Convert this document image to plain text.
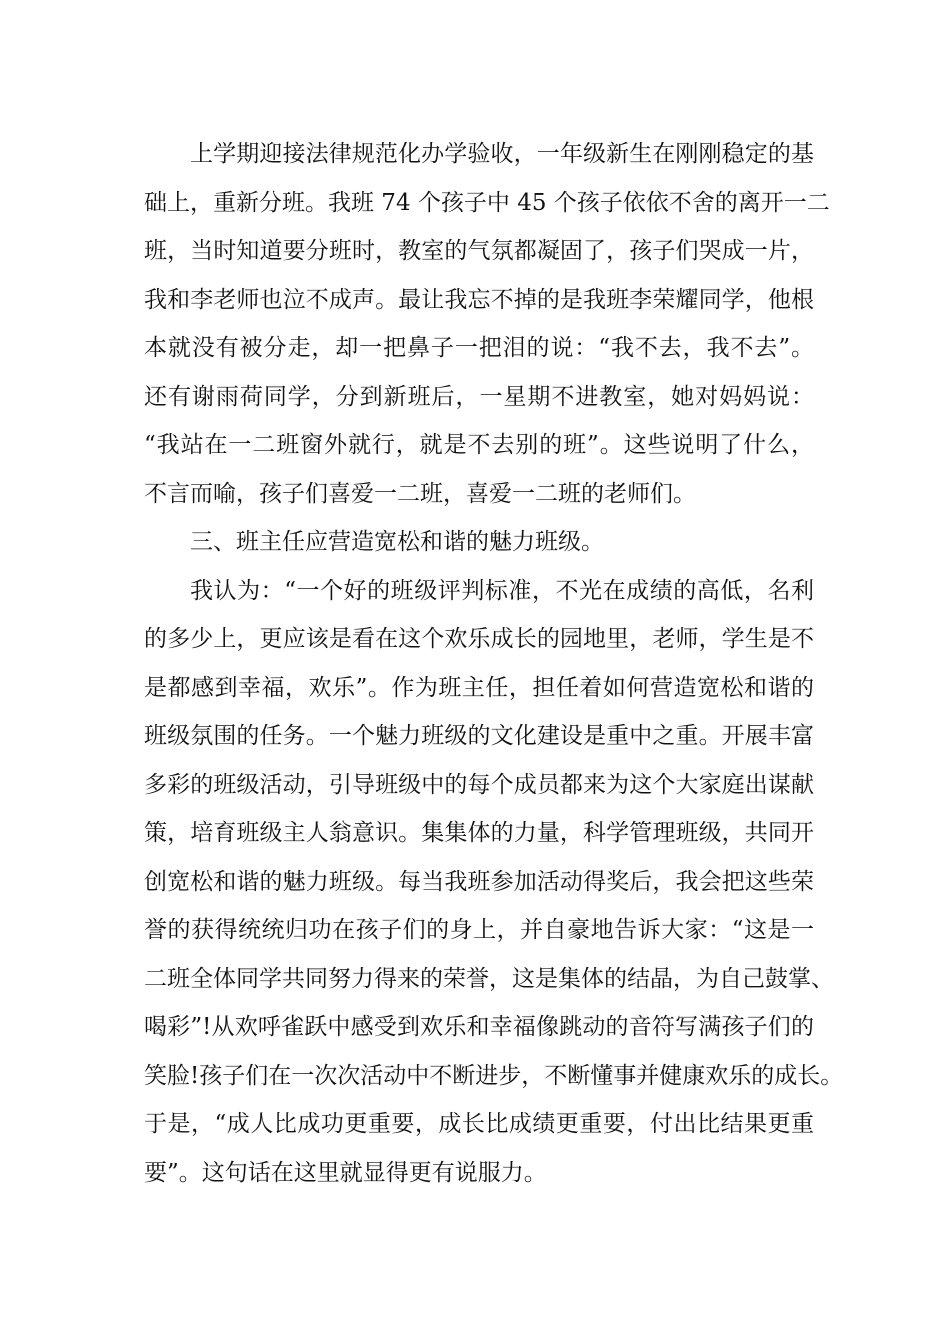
上学期迎接法律规范化办学验收，一年级新生在刚刚稳定的基
础上，重新分班。我班 74 个孩子中 45 个孩子依依不舍的离开一二
班，当时知道要分班时，教室的气氛都凝固了，孩子们哭成一片，
我和李老师也泣不成声。最让我忘不掉的是我班李荣耀同学，他根
本就没有被分走，却一把鼻子一把泪的说：“我不去，我不去”。
还有谢雨荷同学，分到新班后，一星期不进教室，她对妈妈说：
“我站在一二班窗外就行，就是不去别的班”。这些说明了什么，
不言而喻，孩子们喜爱一二班，喜爱一二班的老师们。
三、班主任应营造宽松和谐的魅力班级。
我认为：“一个好的班级评判标准，不光在成绩的高低，名利
的多少上，更应该是看在这个欢乐成长的园地里，老师，学生是不
是都感到幸福，欢乐”。作为班主任，担任着如何营造宽松和谐的
班级氛围的任务。一个魅力班级的文化建设是重中之重。开展丰富
多彩的班级活动，引导班级中的每个成员都来为这个大家庭出谋献
策，培育班级主人翁意识。集集体的力量，科学管理班级，共同开
创宽松和谐的魅力班级。每当我班参加活动得奖后，我会把这些荣
誉的获得统统归功在孩子们的身上，并自豪地告诉大家：“这是一
二班全体同学共同努力得来的荣誉，这是集体的结晶，为自己鼓掌、
喝彩”!从欢呼雀跃中感受到欢乐和幸福像跳动的音符写满孩子们的
笑脸!孩子们在一次次活动中不断进步，不断懂事并健康欢乐的成长。
于是，“成人比成功更重要，成长比成绩更重要，付出比结果更重
要”。这句话在这里就显得更有说服力。
